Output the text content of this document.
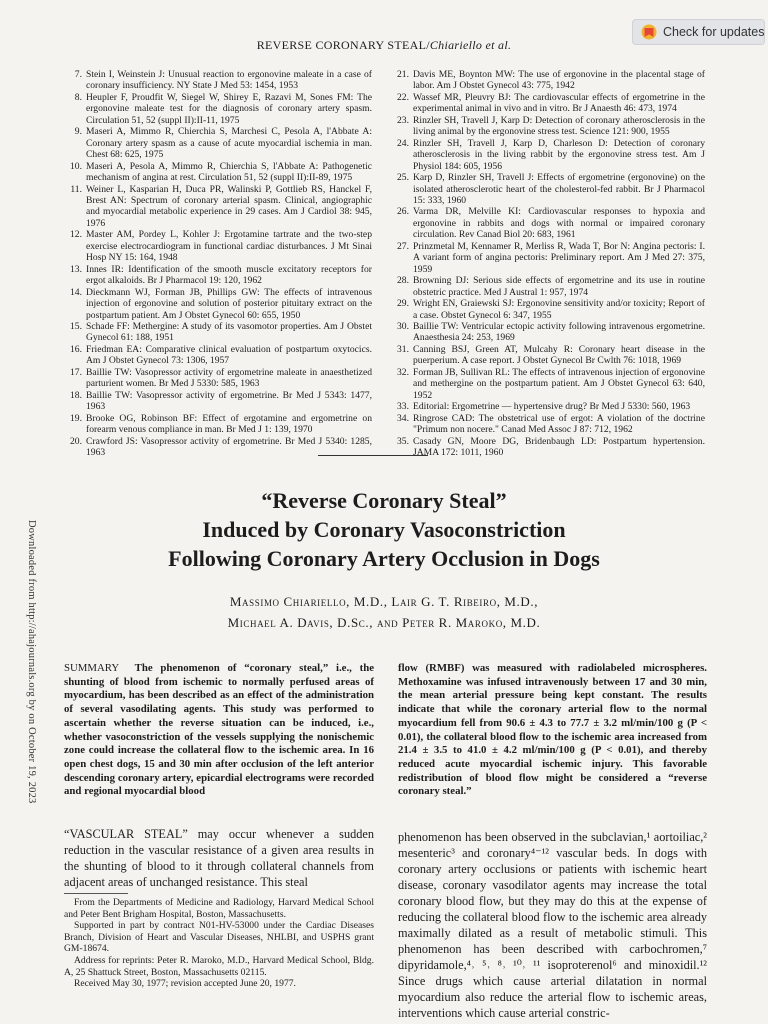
REVERSE CORONARY STEAL/Chiariello et al.
Check for updates
Downloaded from http://ahajournals.org by on October 19, 2023
7. Stein I, Weinstein J: Unusual reaction to ergonovine maleate in a case of coronary insufficiency. NY State J Med 53: 1454, 1953
8. Heupler F, Proudfit W, Siegel W, Shirey E, Razavi M, Sones FM: The ergonovine maleate test for the diagnosis of coronary artery spasm. Circulation 51, 52 (suppl II):II-11, 1975
9. Maseri A, Mimmo R, Chierchia S, Marchesi C, Pesola A, l'Abbate A: Coronary artery spasm as a cause of acute myocardial ischemia in man. Chest 68: 625, 1975
10. Maseri A, Pesola A, Mimmo R, Chierchia S, l'Abbate A: Pathogenetic mechanism of angina at rest. Circulation 51, 52 (suppl II):II-89, 1975
11. Weiner L, Kasparian H, Duca PR, Walinski P, Gottlieb RS, Hanckel F, Brest AN: Spectrum of coronary arterial spasm. Clinical, angiographic and myocardial metabolic experience in 29 cases. Am J Cardiol 38: 945, 1976
12. Master AM, Pordey L, Kohler J: Ergotamine tartrate and the two-step exercise electrocardiogram in functional cardiac disturbances. J Mt Sinai Hosp NY 15: 164, 1948
13. Innes IR: Identification of the smooth muscle excitatory receptors for ergot alkaloids. Br J Pharmacol 19: 120, 1962
14. Dieckmann WJ, Forman JB, Phillips GW: The effects of intravenous injection of ergonovine and solution of posterior pituitary extract on the postpartum patient. Am J Obstet Gynecol 60: 655, 1950
15. Schade FF: Methergine: A study of its vasomotor properties. Am J Obstet Gynecol 61: 188, 1951
16. Friedman EA: Comparative clinical evaluation of postpartum oxytocics. Am J Obstet Gynecol 73: 1306, 1957
17. Baillie TW: Vasopressor activity of ergometrine maleate in anaesthetized parturient women. Br Med J 5330: 585, 1963
18. Baillie TW: Vasopressor activity of ergometrine. Br Med J 5343: 1477, 1963
19. Brooke OG, Robinson BF: Effect of ergotamine and ergometrine on forearm venous compliance in man. Br Med J 1: 139, 1970
20. Crawford JS: Vasopressor activity of ergometrine. Br Med J 5340: 1285, 1963
21. Davis ME, Boynton MW: The use of ergonovine in the placental stage of labor. Am J Obstet Gynecol 43: 775, 1942
22. Wassef MR, Pleuvry BJ: The cardiovascular effects of ergometrine in the experimental animal in vivo and in vitro. Br J Anaesth 46: 473, 1974
23. Rinzler SH, Travell J, Karp D: Detection of coronary atherosclerosis in the living animal by the ergonovine stress test. Science 121: 900, 1955
24. Rinzler SH, Travell J, Karp D, Charleson D: Detection of coronary atherosclerosis in the living rabbit by the ergonovine stress test. Am J Physiol 184: 605, 1956
25. Karp D, Rinzler SH, Travell J: Effects of ergometrine (ergonovine) on the isolated atherosclerotic heart of the cholesterol-fed rabbit. Br J Pharmacol 15: 333, 1960
26. Varma DR, Melville KI: Cardiovascular responses to hypoxia and ergonovine in rabbits and dogs with normal or impaired coronary circulation. Rev Canad Biol 20: 683, 1961
27. Prinzmetal M, Kennamer R, Merliss R, Wada T, Bor N: Angina pectoris: I. A variant form of angina pectoris: Preliminary report. Am J Med 27: 375, 1959
28. Browning DJ: Serious side effects of ergometrine and its use in routine obstetric practice. Med J Austral 1: 957, 1974
29. Wright EN, Graiewski SJ: Ergonovine sensitivity and/or toxicity; Report of a case. Obstet Gynecol 6: 347, 1955
30. Baillie TW: Ventricular ectopic activity following intravenous ergometrine. Anaesthesia 24: 253, 1969
31. Canning BSJ, Green AT, Mulcahy R: Coronary heart disease in the puerperium. A case report. J Obstet Gynecol Br Cwlth 76: 1018, 1969
32. Forman JB, Sullivan RL: The effects of intravenous injection of ergonovine and methergine on the postpartum patient. Am J Obstet Gynecol 63: 640, 1952
33. Editorial: Ergometrine — hypertensive drug? Br Med J 5330: 560, 1963
34. Ringrose CAD: The obstetrical use of ergot: A violation of the doctrine "Primum non nocere." Canad Med Assoc J 87: 712, 1962
35. Casady GN, Moore DG, Bridenbaugh LD: Postpartum hypertension. JAMA 172: 1011, 1960
“Reverse Coronary Steal”
Induced by Coronary Vasoconstriction
Following Coronary Artery Occlusion in Dogs
Massimo Chiariello, M.D., Lair G. T. Ribeiro, M.D.,
Michael A. Davis, D.Sc., and Peter R. Maroko, M.D.
SUMMARY The phenomenon of “coronary steal,” i.e., the shunting of blood from ischemic to normally perfused areas of myocardium, has been described as an effect of the administration of several vasodilating agents. This study was performed to ascertain whether the reverse situation can be induced, i.e., whether vasoconstriction of the vessels supplying the nonischemic zone could increase the collateral flow to the ischemic area. In 16 open chest dogs, 15 and 30 min after occlusion of the left anterior descending coronary artery, epicardial electrograms were recorded and regional myocardial blood
flow (RMBF) was measured with radiolabeled microspheres. Methoxamine was infused intravenously between 17 and 30 min, the mean arterial pressure being kept constant. The results indicate that while the coronary arterial flow to the normal myocardium fell from 90.6 ± 4.3 to 77.7 ± 3.2 ml/min/100 g (P < 0.01), the collateral blood flow to the ischemic area increased from 21.4 ± 3.5 to 41.0 ± 4.2 ml/min/100 g (P < 0.01), and thereby reduced acute myocardial ischemic injury. This favorable redistribution of blood flow might be considered a “reverse coronary steal.”
“VASCULAR STEAL” may occur whenever a sudden reduction in the vascular resistance of a given area results in the shunting of blood to it through collateral channels from adjacent areas of unchanged resistance. This steal
phenomenon has been observed in the subclavian,¹ aortoiliac,² mesenteric³ and coronary⁴⁻¹² vascular beds. In dogs with coronary artery occlusions or patients with ischemic heart disease, coronary vasodilator agents may increase the total coronary blood flow, but they may do this at the expense of reducing the collateral blood flow to the ischemic area already maximally dilated as a result of metabolic stimuli. This phenomenon has been described with carbochromen,⁷ dipyridamole,⁴˒ ⁵˒ ⁸˒ ¹⁰˒ ¹¹ isoproterenol⁶ and minoxidil.¹² Since drugs which cause arterial dilatation in normal myocardium also reduce the arterial flow to ischemic areas, interventions which cause arterial constric-

From the Departments of Medicine and Radiology, Harvard Medical School and Peter Bent Brigham Hospital, Boston, Massachusetts.

Supported in part by contract N01-HV-53000 under the Cardiac Diseases Branch, Division of Heart and Vascular Diseases, NHLBI, and USPHS grant GM-18674.

Address for reprints: Peter R. Maroko, M.D., Harvard Medical School, Bldg. A, 25 Shattuck Street, Boston, Massachusetts 02115.

Received May 30, 1977; revision accepted June 20, 1977.
